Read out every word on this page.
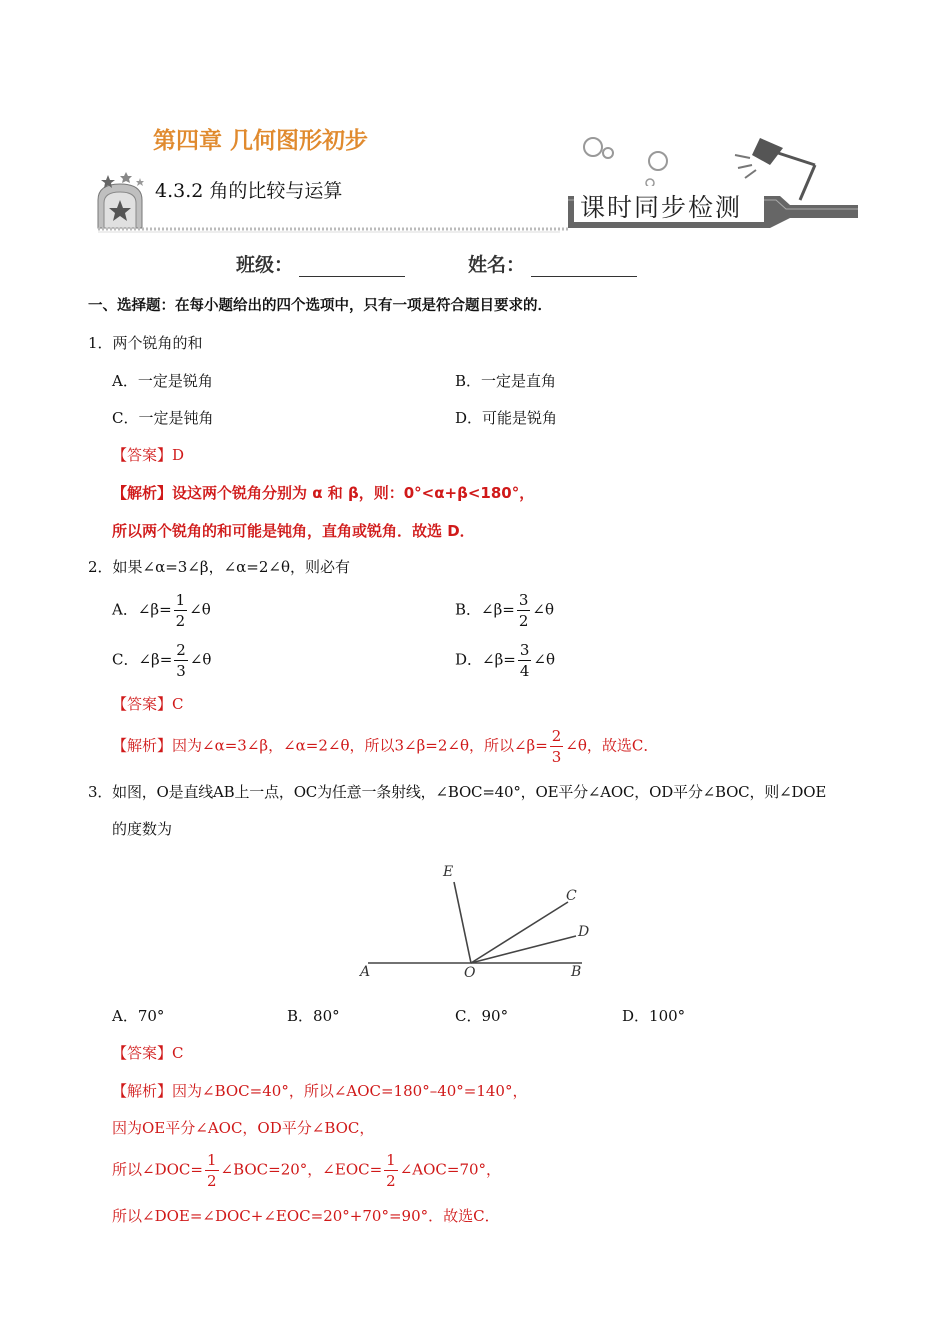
第四章 几何图形初步
4.3.2 角的比较与运算
课时同步检测
班级：	姓名：
一、选择题：在每小题给出的四个选项中，只有一项是符合题目要求的．
1．两个锐角的和
A．一定是锐角	B．一定是直角
C．一定是钝角	D．可能是锐角
【答案】D
【解析】设这两个锐角分别为 α 和 β，则：0°<α+β<180°，
所以两个锐角的和可能是钝角，直角或锐角．故选 D．
2．如果∠α=3∠β，∠α=2∠θ，则必有
A．∠β= $\frac{1}{2}$ ∠θ	B．∠β= $\frac{3}{2}$ ∠θ
C．∠β= $\frac{2}{3}$ ∠θ	D．∠β= $\frac{3}{4}$ ∠θ
【答案】C
【解析】因为∠α=3∠β，∠α=2∠θ，所以3∠β=2∠θ，所以∠β= $\frac{2}{3}$ ∠θ，故选C．
3．如图，O是直线AB上一点，OC为任意一条射线，∠BOC=40°，OE平分∠AOC，OD平分∠BOC，则∠DOE
的度数为
E
C
D
A	O	B
A．70°	B．80°	C．90°	D．100°
【答案】C
【解析】因为∠BOC=40°，所以∠AOC=180°–40°=140°，
因为OE平分∠AOC，OD平分∠BOC，
所以∠DOC= $\frac{1}{2}$ ∠BOC=20°，∠EOC= $\frac{1}{2}$ ∠AOC=70°，
所以∠DOE=∠DOC+∠EOC=20°+70°=90°．故选C．
